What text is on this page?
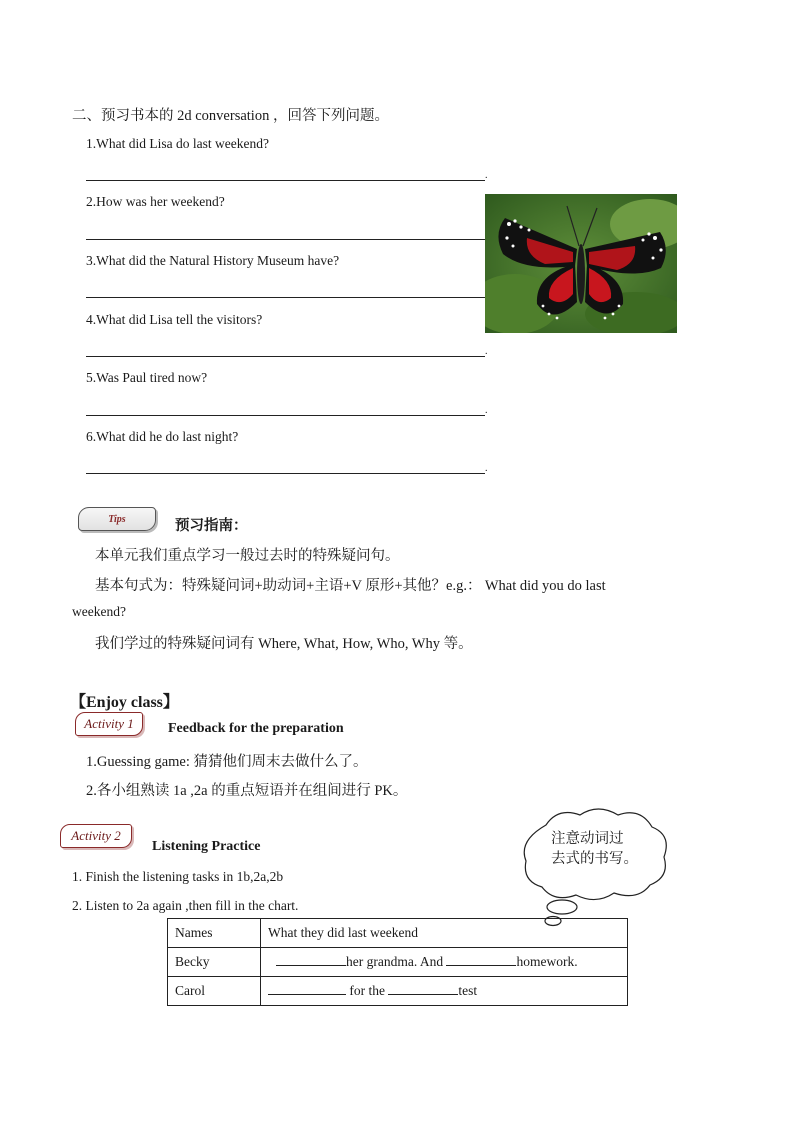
二、预习书本的 2d conversation ，回答下列问题。
1.What did Lisa do last weekend?
.
2.How was her weekend?
3.What did the Natural History Museum have?
4.What did Lisa tell the visitors?
.
5.Was Paul tired now?
.
6.What did he do last night?
.
Tips	预习指南：
本单元我们重点学习一般过去时的特殊疑问句。
基本句式为：特殊疑问词+助动词+主语+V 原形+其他？e.g.： What did you do last
weekend?
我们学过的特殊疑问词有 Where, What, How, Who, Why 等。
【Enjoy class】
Activity 1	Feedback for the preparation
1.Guessing game: 猜猜他们周末去做什么了。
2.各小组熟读 1a ,2a 的重点短语并在组间进行 PK。
Activity 2
Listening Practice
1. Finish the listening tasks in 1b,2a,2b
2. Listen to 2a again ,then fill in the chart.
注意动词过
去式的书写。
Names	What they did last weekend
Becky	her grandma. And homework.
Carol	for the test
